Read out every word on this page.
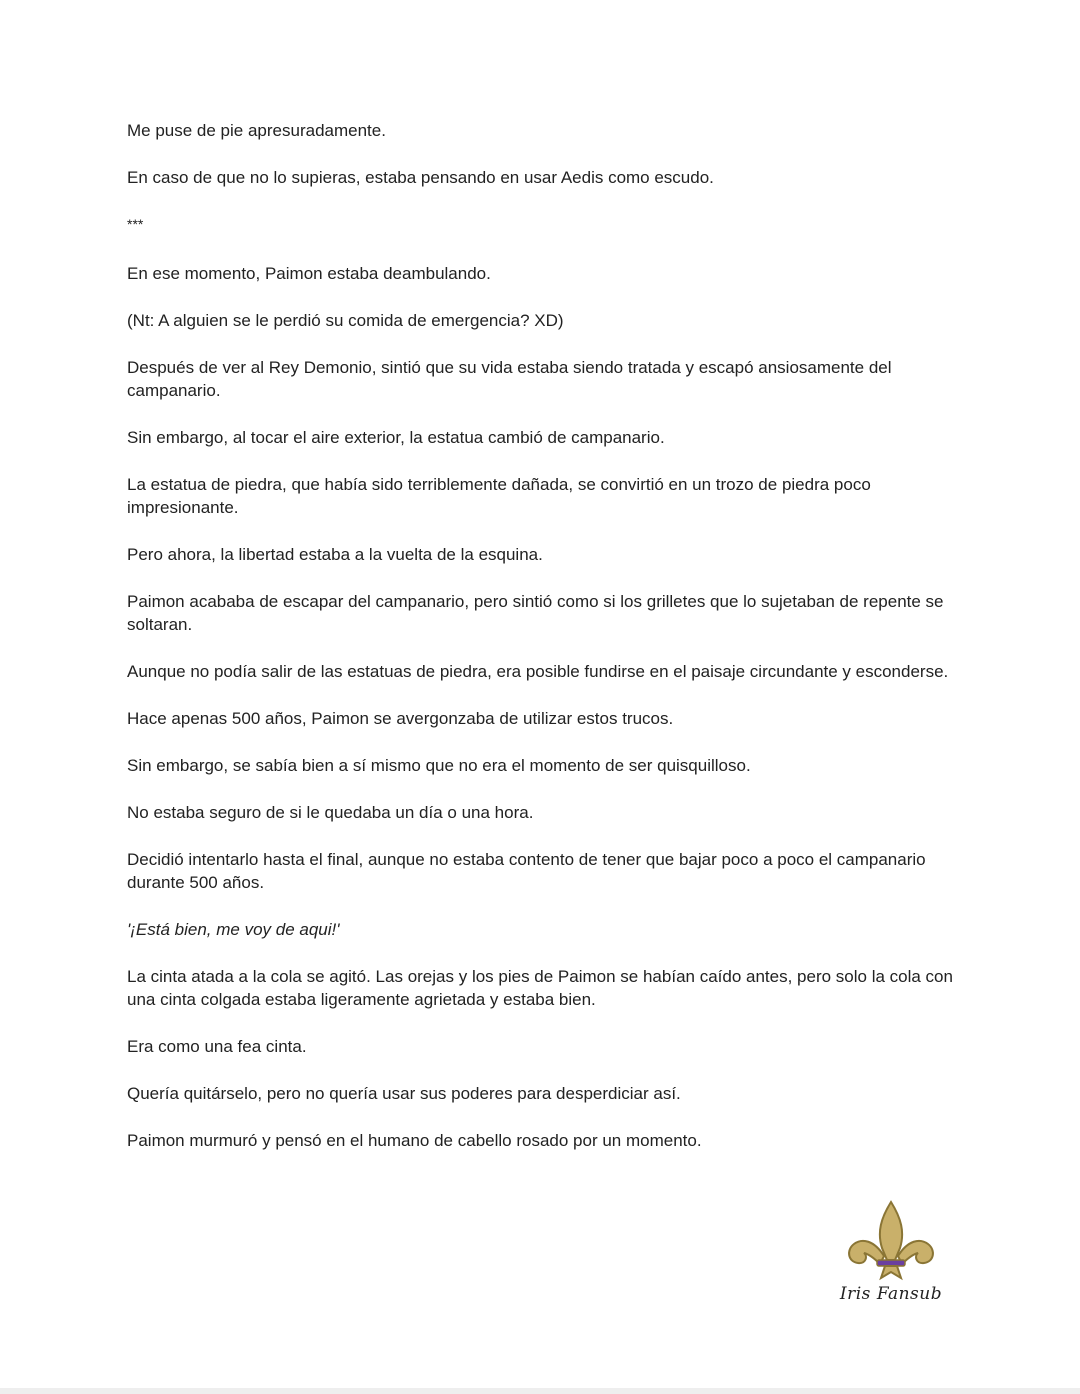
Me puse de pie apresuradamente.

En caso de que no lo supieras, estaba pensando en usar Aedis como escudo.

***

En ese momento, Paimon estaba deambulando.

(Nt: A alguien se le perdió su comida de emergencia? XD)

Después de ver al Rey Demonio, sintió que su vida estaba siendo tratada y escapó ansiosamente del campanario.

Sin embargo, al tocar el aire exterior, la estatua cambió de campanario.

La estatua de piedra, que había sido terriblemente dañada, se convirtió en un trozo de piedra poco impresionante.

Pero ahora, la libertad estaba a la vuelta de la esquina.

Paimon acababa de escapar del campanario, pero sintió como si los grilletes que lo sujetaban de repente se soltaran.

Aunque no podía salir de las estatuas de piedra, era posible fundirse en el paisaje circundante y esconderse.

Hace apenas 500 años, Paimon se avergonzaba de utilizar estos trucos.

Sin embargo, se sabía bien a sí mismo que no era el momento de ser quisquilloso.

No estaba seguro de si le quedaba un día o una hora.

Decidió intentarlo hasta el final, aunque no estaba contento de tener que bajar poco a poco el campanario durante 500 años.

'¡Está bien, me voy de aqui!'

La cinta atada a la cola se agitó. Las orejas y los pies de Paimon se habían caído antes, pero solo la cola con una cinta colgada estaba ligeramente agrietada y estaba bien.

Era como una fea cinta.

Quería quitárselo, pero no quería usar sus poderes para desperdiciar así.

Paimon murmuró y pensó en el humano de cabello rosado por un momento.

Iris Fansub
